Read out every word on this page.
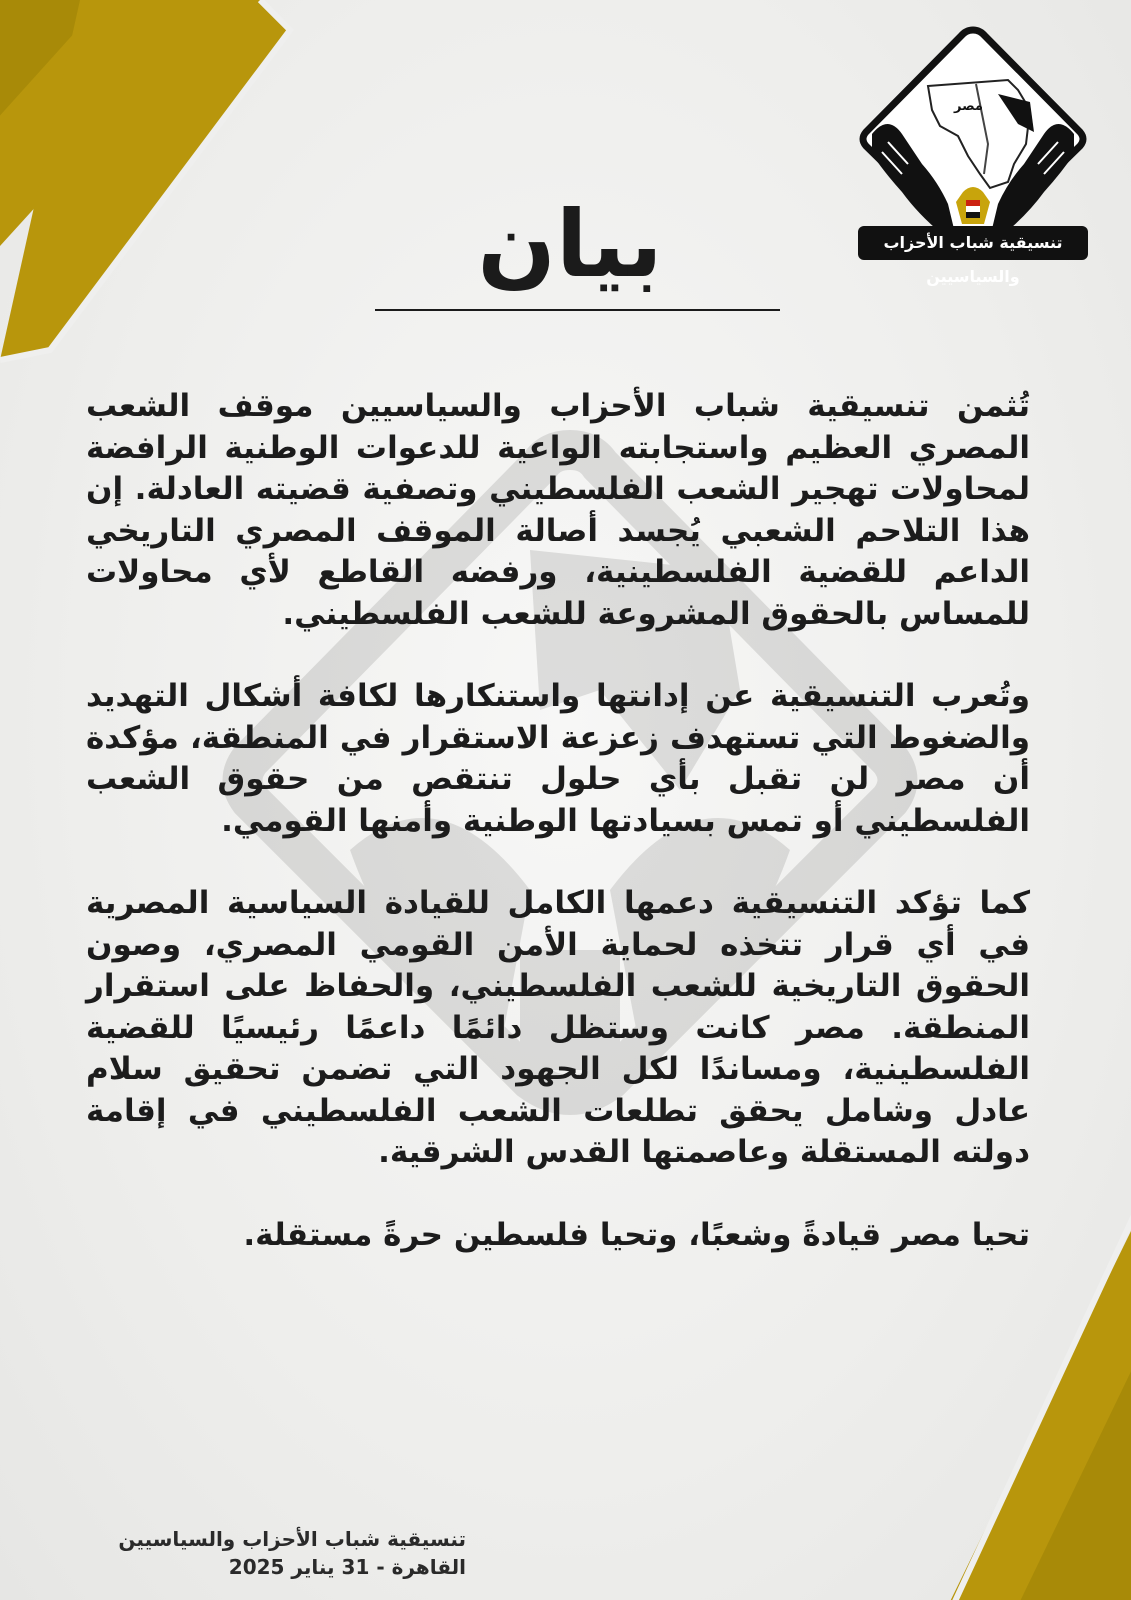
مصر
تنسيقية شباب الأحزاب والسياسيين
بيان

تُثمن تنسيقية شباب الأحزاب والسياسيين موقف الشعب المصري العظيم واستجابته الواعية للدعوات الوطنية الرافضة لمحاولات تهجير الشعب الفلسطيني وتصفية قضيته العادلة. إن هذا التلاحم الشعبي يُجسد أصالة الموقف المصري التاريخي الداعم للقضية الفلسطينية، ورفضه القاطع لأي محاولات للمساس بالحقوق المشروعة للشعب الفلسطيني.

وتُعرب التنسيقية عن إدانتها واستنكارها لكافة أشكال التهديد والضغوط التي تستهدف زعزعة الاستقرار في المنطقة، مؤكدة أن مصر لن تقبل بأي حلول تنتقص من حقوق الشعب الفلسطيني أو تمس بسيادتها الوطنية وأمنها القومي.

كما تؤكد التنسيقية دعمها الكامل للقيادة السياسية المصرية في أي قرار تتخذه لحماية الأمن القومي المصري، وصون الحقوق التاريخية للشعب الفلسطيني، والحفاظ على استقرار المنطقة. مصر كانت وستظل دائمًا داعمًا رئيسيًا للقضية الفلسطينية، ومساندًا لكل الجهود التي تضمن تحقيق سلام عادل وشامل يحقق تطلعات الشعب الفلسطيني في إقامة دولته المستقلة وعاصمتها القدس الشرقية.

تحيا مصر قيادةً وشعبًا، وتحيا فلسطين حرةً مستقلة.

تنسيقية شباب الأحزاب والسياسيين
القاهرة - 31 يناير 2025
